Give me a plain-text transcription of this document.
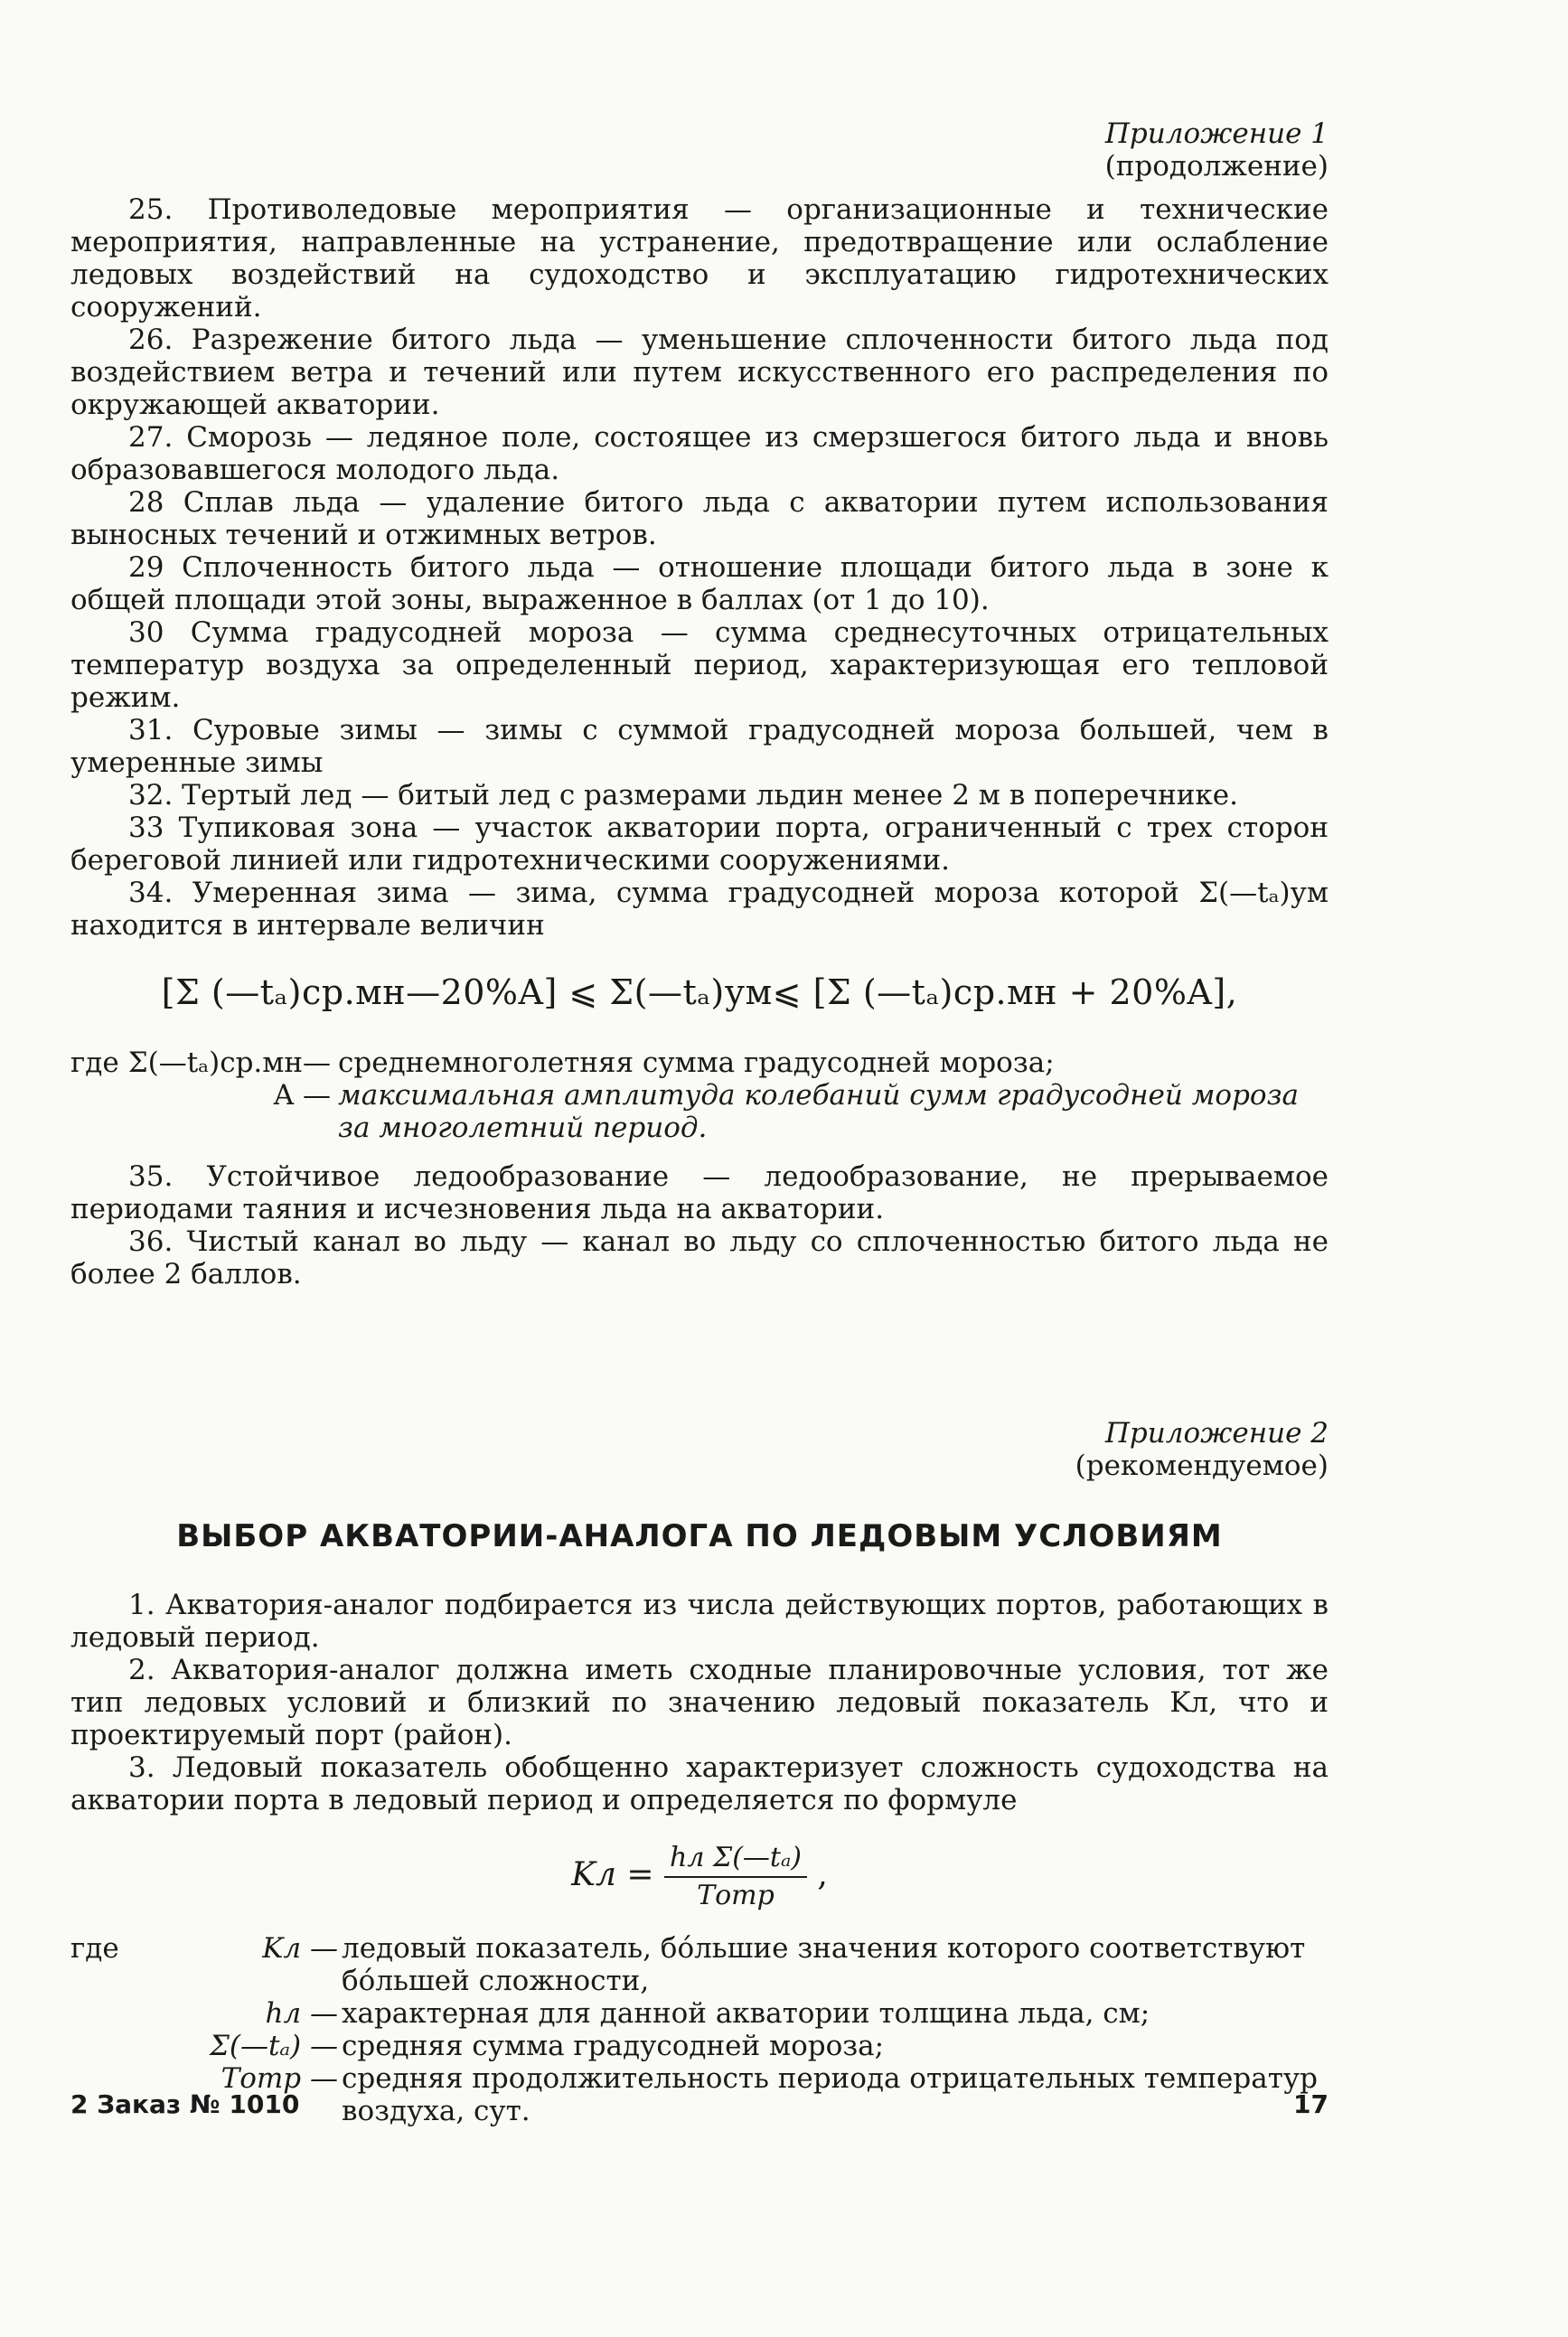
Приложение 1
(продолжение)

25. Противоледовые мероприятия — организационные и технические мероприятия, направленные на устранение, предотвращение или ослабление ледовых воздействий на судоходство и эксплуатацию гидротехнических сооружений.

26. Разрежение битого льда — уменьшение сплоченности битого льда под воздействием ветра и течений или путем искусственного его распределения по окружающей акватории.

27. Сморозь — ледяное поле, состоящее из смерзшегося битого льда и вновь образовавшегося молодого льда.

28 Сплав льда — удаление битого льда с акватории путем использования выносных течений и отжимных ветров.

29 Сплоченность битого льда — отношение площади битого льда в зоне к общей площади этой зоны, выраженное в баллах (от 1 до 10).

30 Сумма градусодней мороза — сумма среднесуточных отрицательных температур воздуха за определенный период, характеризующая его тепловой режим.

31. Суровые зимы — зимы с суммой градусодней мороза большей, чем в умеренные зимы

32. Тертый лед — битый лед с размерами льдин менее 2 м в поперечнике.

33 Тупиковая зона — участок акватории порта, ограниченный с трех сторон береговой линией или гидротехническими сооружениями.

34. Умеренная зима — зима, сумма градусодней мороза которой Σ(—tₐ)ум находится в интервале величин

[Σ (—tₐ)ср.мн—20%A] ⩽ Σ(—tₐ)ум⩽ [Σ (—tₐ)ср.мн + 20%A],
где Σ(—tₐ)ср.мн— среднемноголетняя сумма градусодней мороза;
A — максимальная амплитуда колебаний сумм градусодней мороза за многолетний период.

35. Устойчивое ледообразование — ледообразование, не прерываемое периодами таяния и исчезновения льда на акватории.

36. Чистый канал во льду — канал во льду со сплоченностью битого льда не более 2 баллов.

Приложение 2
(рекомендуемое)
ВЫБОР АКВАТОРИИ-АНАЛОГА ПО ЛЕДОВЫМ УСЛОВИЯМ

1. Акватория-аналог подбирается из числа действующих портов, работающих в ледовый период.

2. Акватория-аналог должна иметь сходные планировочные условия, тот же тип ледовых условий и близкий по значению ледовый показатель Kл, что и проектируемый порт (район).

3. Ледовый показатель обобщенно характеризует сложность судоходства на акватории порта в ледовый период и определяется по формуле

Kл = $\frac{\text{hл Σ(—tₐ)}}{\text{Tотр}}$ ,
где	Kл — ледовый показатель, бóльшие значения которого соответствуют бóльшей сложности,
hл — характерная для данной акватории толщина льда, см;
Σ(—tₐ) — средняя сумма градусодней мороза;
Tотр — средняя продолжительность периода отрицательных температур воздуха, сут.
2 Заказ № 1010	17
